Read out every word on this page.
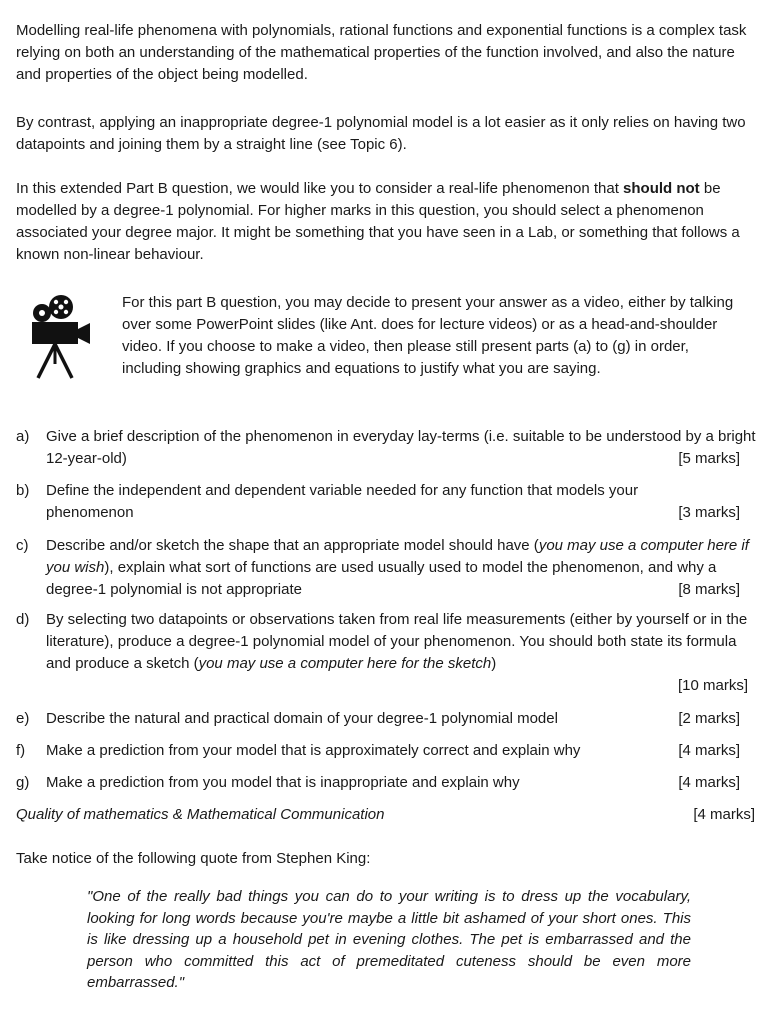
Modelling real-life phenomena with polynomials, rational functions and exponential functions is a complex task relying on both an understanding of the mathematical properties of the function involved, and also the nature and properties of the object being modelled.

By contrast, applying an inappropriate degree-1 polynomial model is a lot easier as it only relies on having two datapoints and joining them by a straight line (see Topic 6).

In this extended Part B question, we would like you to consider a real-life phenomenon that should not be modelled by a degree-1 polynomial. For higher marks in this question, you should select a phenomenon associated your degree major. It might be something that you have seen in a Lab, or something that follows a known non-linear behaviour.

For this part B question, you may decide to present your answer as a video, either by talking over some PowerPoint slides (like Ant. does for lecture videos) or as a head-and-shoulder video. If you choose to make a video, then please still present parts (a) to (g) in order, including showing graphics and equations to justify what you are saying.

a) Give a brief description of the phenomenon in everyday lay-terms (i.e. suitable to be understood by a bright 12-year-old)	[5 marks]
b) Define the independent and dependent variable needed for any function that models your phenomenon	[3 marks]
c) Describe and/or sketch the shape that an appropriate model should have (you may use a computer here if you wish), explain what sort of functions are used usually used to model the phenomenon, and why a degree-1 polynomial is not appropriate	[8 marks]
d) By selecting two datapoints or observations taken from real life measurements (either by yourself or in the literature), produce a degree-1 polynomial model of your phenomenon. You should both state its formula and produce a sketch (you may use a computer here for the sketch)
[10 marks]
e) Describe the natural and practical domain of your degree-1 polynomial model	[2 marks]
f) Make a prediction from your model that is approximately correct and explain why	[4 marks]
g) Make a prediction from you model that is inappropriate and explain why	[4 marks]
Quality of mathematics & Mathematical Communication	[4 marks]

Take notice of the following quote from Stephen King:

"One of the really bad things you can do to your writing is to dress up the vocabulary, looking for long words because you're maybe a little bit ashamed of your short ones. This is like dressing up a household pet in evening clothes. The pet is embarrassed and the person who committed this act of premeditated cuteness should be even more embarrassed."
